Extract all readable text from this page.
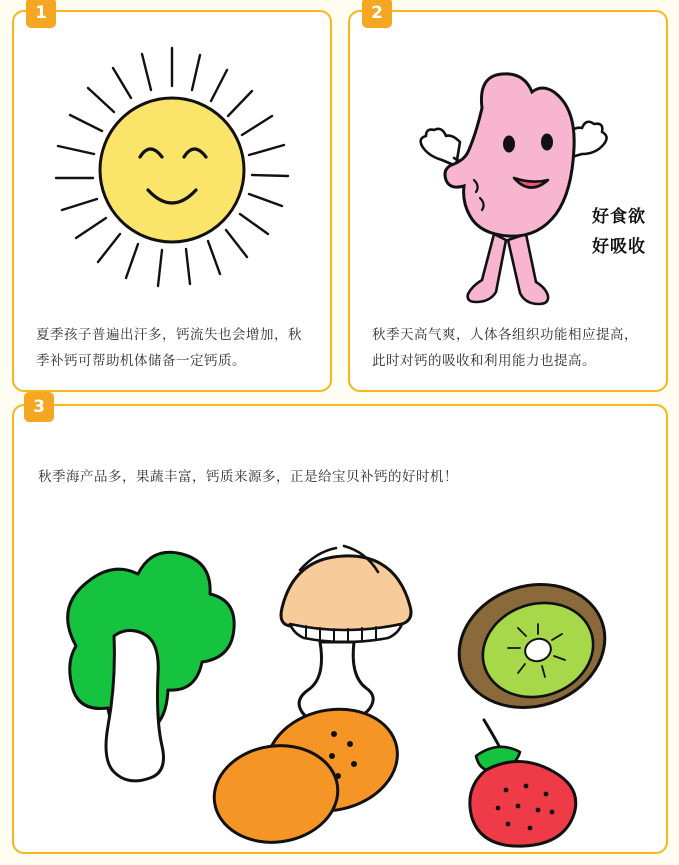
1
夏季孩子普遍出汗多，钙流失也会增加，秋季补钙可帮助机体储备一定钙质。
2
好食欲
好吸收
秋季天高气爽，人体各组织功能相应提高，此时对钙的吸收和利用能力也提高。
3
秋季海产品多，果蔬丰富，钙质来源多，正是给宝贝补钙的好时机！
